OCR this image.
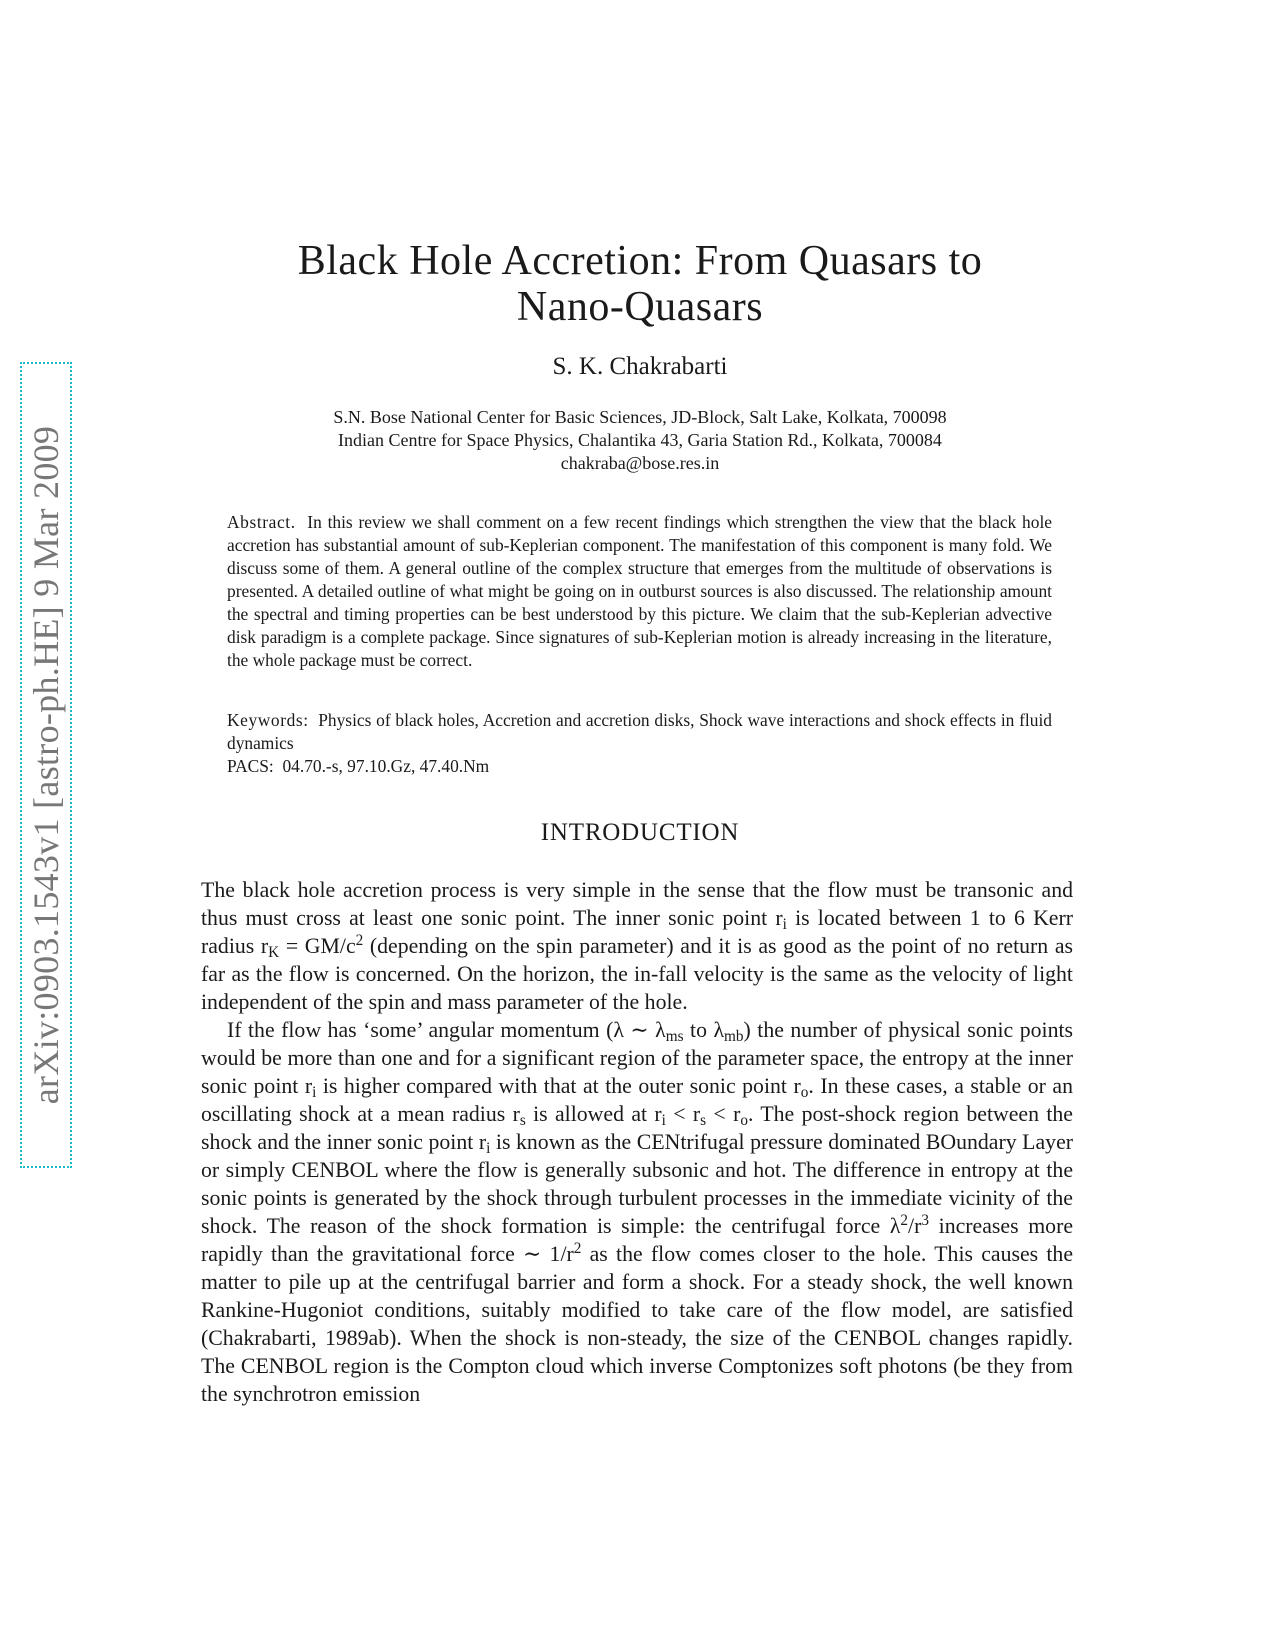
arXiv:0903.1543v1 [astro-ph.HE] 9 Mar 2009
Black Hole Accretion: From Quasars to
Nano-Quasars
S. K. Chakrabarti
S.N. Bose National Center for Basic Sciences, JD-Block, Salt Lake, Kolkata, 700098
Indian Centre for Space Physics, Chalantika 43, Garia Station Rd., Kolkata, 700084
chakraba@bose.res.in

Abstract. In this review we shall comment on a few recent findings which strengthen the view that the black hole accretion has substantial amount of sub-Keplerian component. The manifestation of this component is many fold. We discuss some of them. A general outline of the complex structure that emerges from the multitude of observations is presented. A detailed outline of what might be going on in outburst sources is also discussed. The relationship amount the spectral and timing properties can be best understood by this picture. We claim that the sub-Keplerian advective disk paradigm is a complete package. Since signatures of sub-Keplerian motion is already increasing in the literature, the whole package must be correct.

Keywords: Physics of black holes, Accretion and accretion disks, Shock wave interactions and shock effects in fluid dynamics

PACS: 04.70.-s, 97.10.Gz, 47.40.Nm
INTRODUCTION

The black hole accretion process is very simple in the sense that the flow must be transonic and thus must cross at least one sonic point. The inner sonic point $r_i$ is located between 1 to 6 Kerr radius $r_K = GM/c^2$ (depending on the spin parameter) and it is as good as the point of no return as far as the flow is concerned. On the horizon, the in-fall velocity is the same as the velocity of light independent of the spin and mass parameter of the hole.

If the flow has ‘some’ angular momentum (λ ∼ $\lambda_{ms}$ to $\lambda_{mb}$) the number of physical sonic points would be more than one and for a significant region of the parameter space, the entropy at the inner sonic point $r_i$ is higher compared with that at the outer sonic point $r_o$. In these cases, a stable or an oscillating shock at a mean radius $r_s$ is allowed at $r_i < r_s < r_o$. The post-shock region between the shock and the inner sonic point $r_i$ is known as the CENtrifugal pressure dominated BOundary Layer or simply CENBOL where the flow is generally subsonic and hot. The difference in entropy at the sonic points is generated by the shock through turbulent processes in the immediate vicinity of the shock. The reason of the shock formation is simple: the centrifugal force $\lambda^2/r^3$ increases more rapidly than the gravitational force ∼ $1/r^2$ as the flow comes closer to the hole. This causes the matter to pile up at the centrifugal barrier and form a shock. For a steady shock, the well known Rankine-Hugoniot conditions, suitably modified to take care of the flow model, are satisfied (Chakrabarti, 1989ab). When the shock is non-steady, the size of the CENBOL changes rapidly. The CENBOL region is the Compton cloud which inverse Comptonizes soft photons (be they from the synchrotron emission
